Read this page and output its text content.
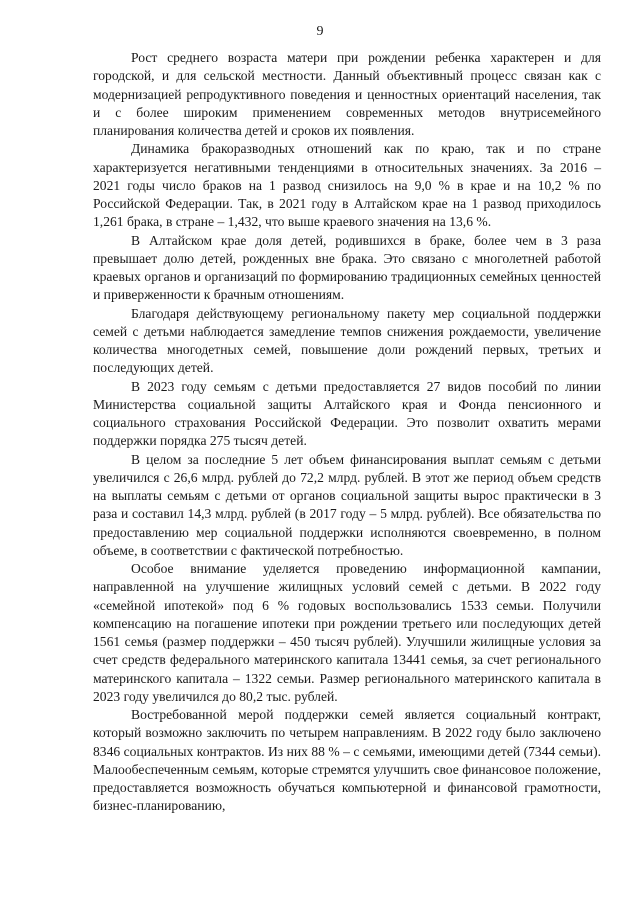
9

Рост среднего возраста матери при рождении ребенка характерен и для городской, и для сельской местности. Данный объективный процесс связан как с модернизацией репродуктивного поведения и ценностных ориентаций населения, так и с более широким применением современных методов внутрисемейного планирования количества детей и сроков их появления.

Динамика бракоразводных отношений как по краю, так и по стране характеризуется негативными тенденциями в относительных значениях. За 2016 – 2021 годы число браков на 1 развод снизилось на 9,0 % в крае и на 10,2 % по Российской Федерации. Так, в 2021 году в Алтайском крае на 1 развод приходилось 1,261 брака, в стране – 1,432, что выше краевого значения на 13,6 %.

В Алтайском крае доля детей, родившихся в браке, более чем в 3 раза превышает долю детей, рожденных вне брака. Это связано с многолетней работой краевых органов и организаций по формированию традиционных семейных ценностей и приверженности к брачным отношениям.

Благодаря действующему региональному пакету мер социальной поддержки семей с детьми наблюдается замедление темпов снижения рождаемости, увеличение количества многодетных семей, повышение доли рождений первых, третьих и последующих детей.

В 2023 году семьям с детьми предоставляется 27 видов пособий по линии Министерства социальной защиты Алтайского края и Фонда пенсионного и социального страхования Российской Федерации. Это позволит охватить мерами поддержки порядка 275 тысяч детей.

В целом за последние 5 лет объем финансирования выплат семьям с детьми увеличился с 26,6 млрд. рублей до 72,2 млрд. рублей. В этот же период объем средств на выплаты семьям с детьми от органов социальной защиты вырос практически в 3 раза и составил 14,3 млрд. рублей (в 2017 году – 5 млрд. рублей). Все обязательства по предоставлению мер социальной поддержки исполняются своевременно, в полном объеме, в соответствии с фактической потребностью.

Особое внимание уделяется проведению информационной кампании, направленной на улучшение жилищных условий семей с детьми. В 2022 году «семейной ипотекой» под 6 % годовых воспользовались 1533 семьи. Получили компенсацию на погашение ипотеки при рождении третьего или последующих детей 1561 семья (размер поддержки – 450 тысяч рублей). Улучшили жилищные условия за счет средств федерального материнского капитала 13441 семья, за счет регионального материнского капитала – 1322 семьи. Размер регионального материнского капитала в 2023 году увеличился до 80,2 тыс. рублей.

Востребованной мерой поддержки семей является социальный контракт, который возможно заключить по четырем направлениям. В 2022 году было заключено 8346 социальных контрактов. Из них 88 % – с семьями, имеющими детей (7344 семьи). Малообеспеченным семьям, которые стремятся улучшить свое финансовое положение, предоставляется возможность обучаться компьютерной и финансовой грамотности, бизнес-планированию,
